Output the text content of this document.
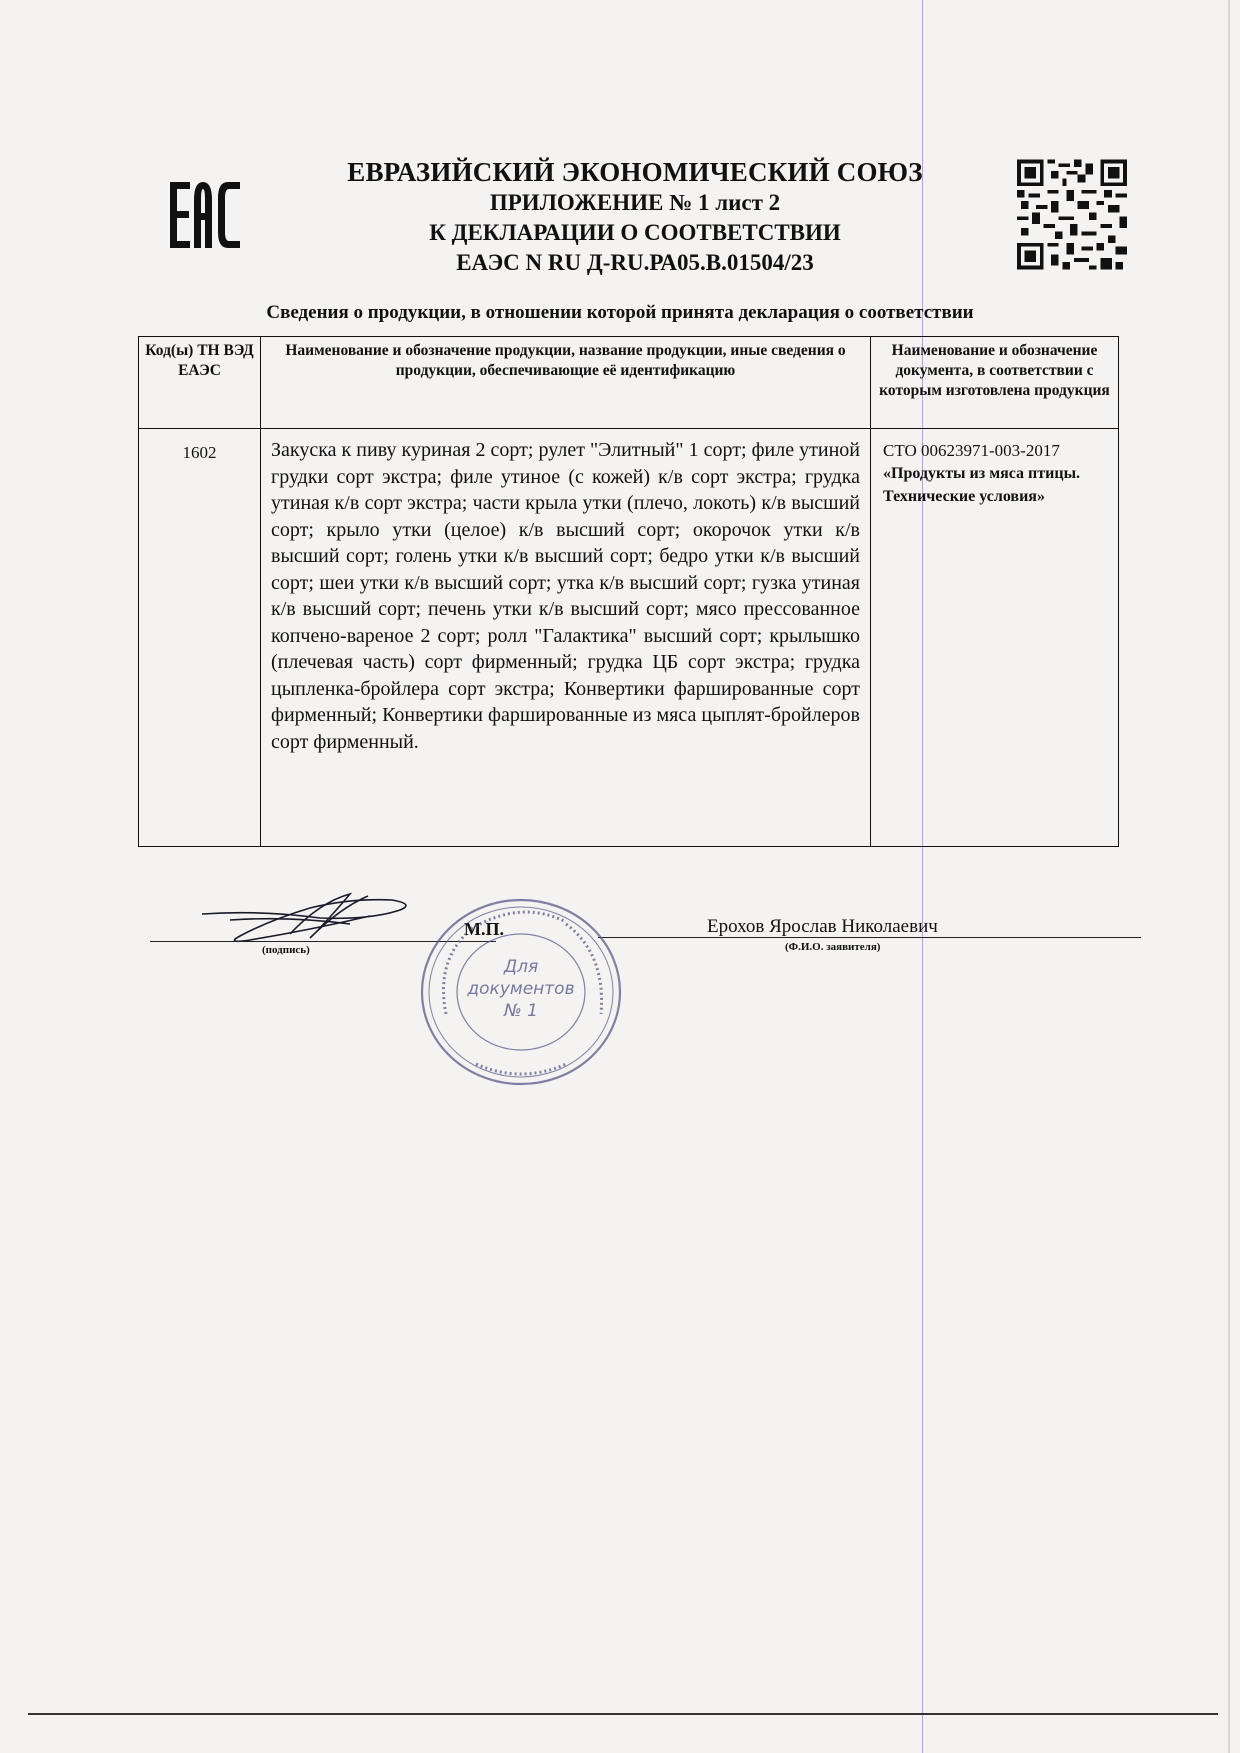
ЕВРАЗИЙСКИЙ ЭКОНОМИЧЕСКИЙ СОЮЗ
ПРИЛОЖЕНИЕ № 1 лист 2
К ДЕКЛАРАЦИИ О СООТВЕТСТВИИ
ЕАЭС N RU Д-RU.РА05.В.01504/23
Сведения о продукции, в отношении которой принята декларация о соответствии
Код(ы) ТН ВЭД ЕАЭС	Наименование и обозначение продукции, название продукции, иные сведения о продукции, обеспечивающие её идентификацию	Наименование и обозначение документа, в соответствии с которым изготовлена продукция
1602	Закуска к пиву куриная 2 сорт; рулет "Элитный" 1 сорт; филе утиной грудки сорт экстра; филе утиное (с кожей) к/в сорт экстра; грудка утиная к/в сорт экстра; части крыла утки (плечо, локоть) к/в высший сорт; крыло утки (целое) к/в высший сорт; окорочок утки к/в высший сорт; голень утки к/в высший сорт; бедро утки к/в высший сорт; шеи утки к/в высший сорт; утка к/в высший сорт; гузка утиная к/в высший сорт; печень утки к/в высший сорт; мясо прессованное копчено-вареное 2 сорт; ролл "Галактика" высший сорт; крылышко (плечевая часть) сорт фирменный; грудка ЦБ сорт экстра; грудка цыпленка-бройлера сорт экстра; Конвертики фаршированные сорт фирменный; Конвертики фаршированные из мяса цыплят-бройлеров сорт фирменный.	СТО 00623971-003-2017
«Продукты из мяса птицы. Технические условия»
М.П.
(подпись)
Ерохов Ярослав Николаевич
(Ф.И.О. заявителя)
Для
документов
№ 1
